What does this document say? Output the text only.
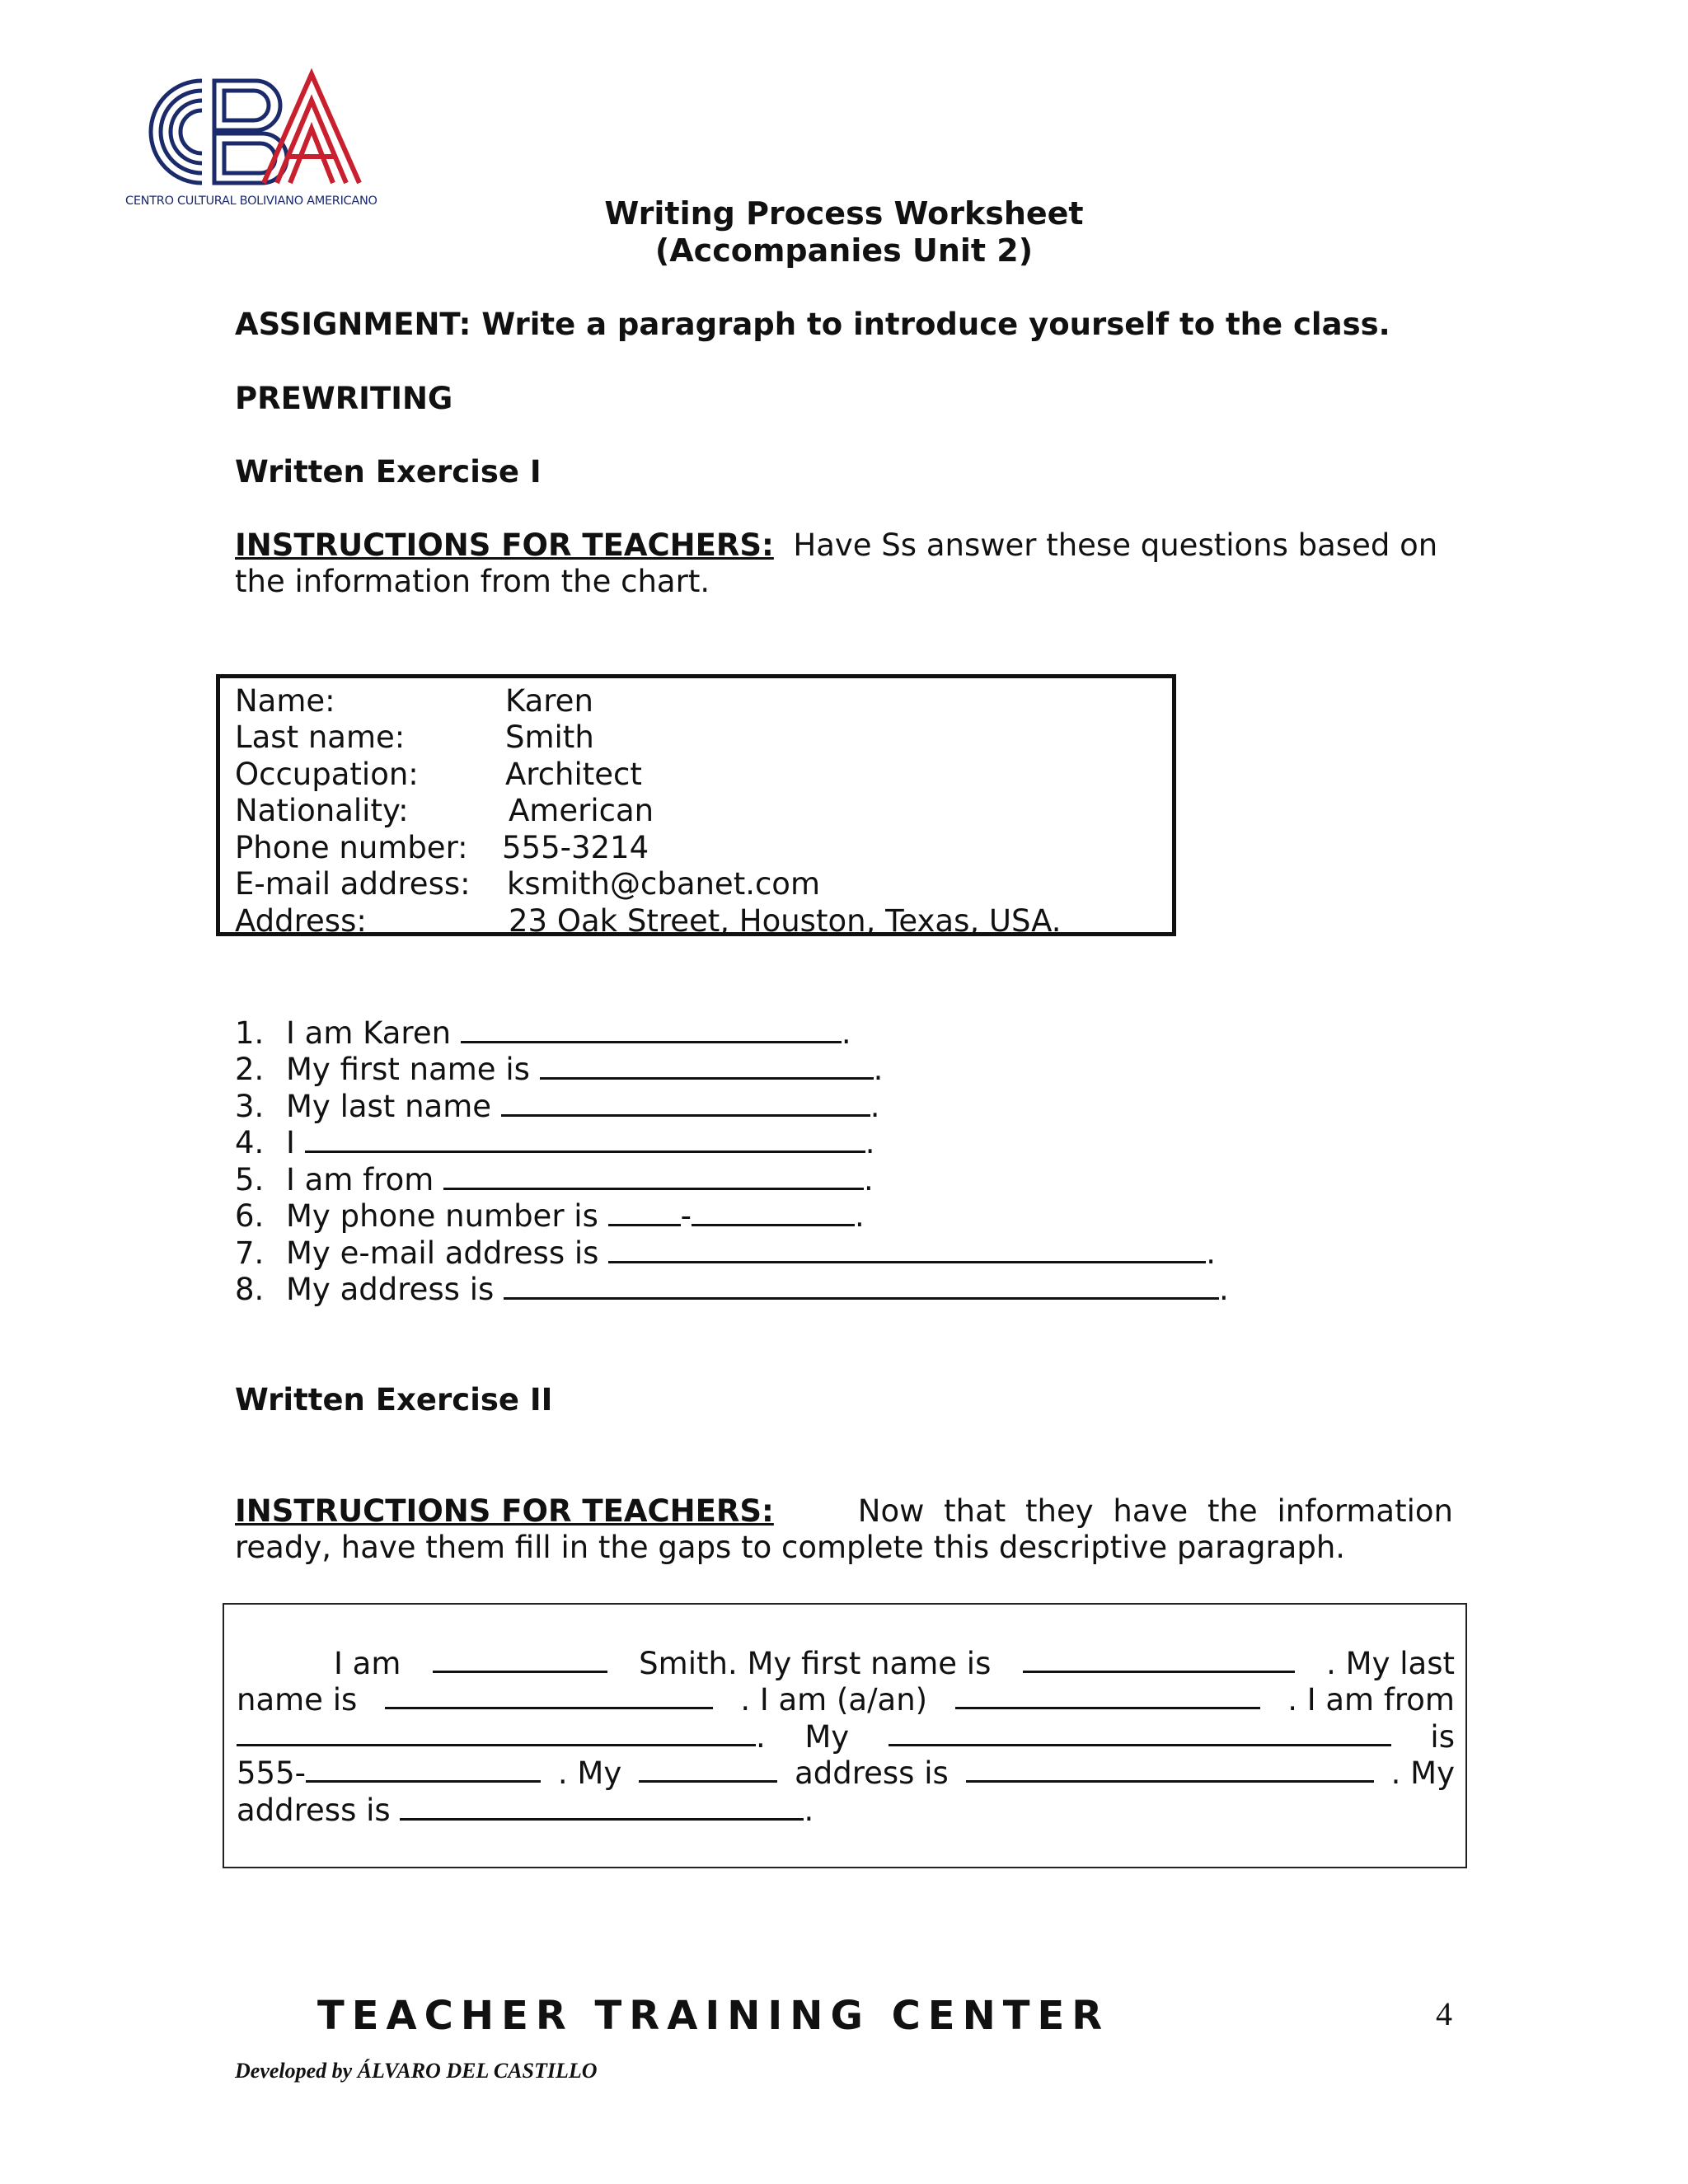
CENTRO CULTURAL BOLIVIANO AMERICANO	Writing Process Worksheet
(Accompanies Unit 2)
ASSIGNMENT: Write a paragraph to introduce yourself to the class.
PREWRITING
Written Exercise I
INSTRUCTIONS FOR TEACHERS: Have Ss answer these questions based on
the information from the chart.
Name:	Karen
Last name:	Smith
Occupation:	Architect
Nationality:	American
Phone number: 555-3214
E-mail address: ksmith@cbanet.com
Address:	23 Oak Street, Houston, Texas, USA.
1. I am Karen	.
2. My first name is	.
3. My last name	.
4. I	.
5. I am from	.
6. My phone number is	-	.
7. My e-mail address is	.
8. My address is	.
Written Exercise II
INSTRUCTIONS FOR TEACHERS:	Now that they have the information
ready, have them fill in the gaps to complete this descriptive paragraph.
I am	Smith. My first name is	. My last
name is	. I am (a/an)	. I am from
. My	is
555-	. My	address is	. My
address is	.
TEACHER TRAINING CENTER	4
Developed by ÁLVARO DEL CASTILLO
